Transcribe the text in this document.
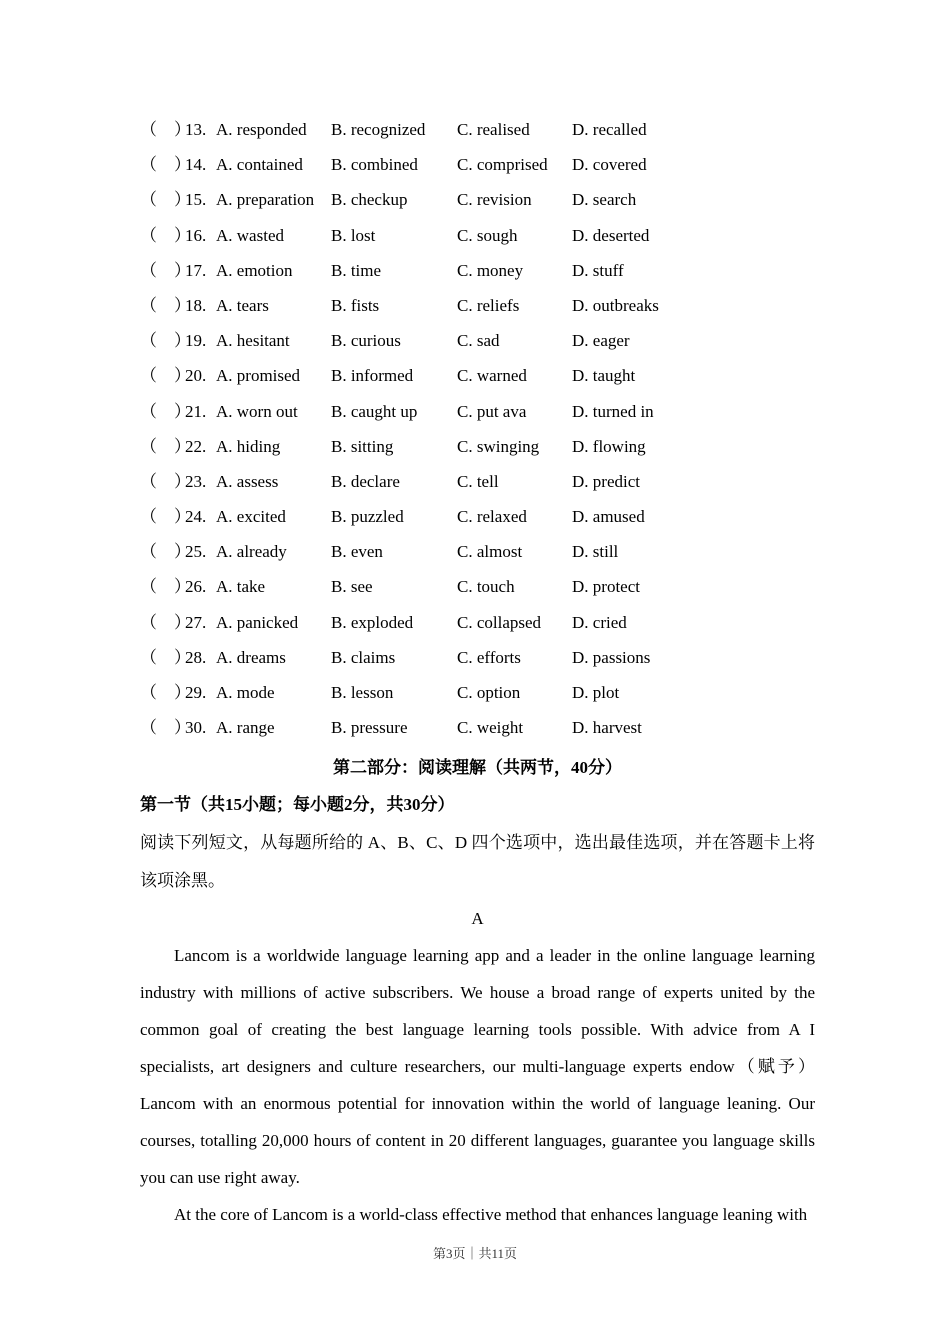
（　）
13. A. responded	B. recognized	C. realised	D. recalled
（　）
14. A. contained	B. combined	C. comprised	D. covered
（　）
15. A. preparation B. checkup	C. revision	D. search
（　）
16. A. wasted	B. lost	C. sough	D. deserted
（　）
17. A. emotion	B. time	C. money	D. stuff
（　）
18. A. tears	B. fists	C. reliefs	D. outbreaks
（　）
19. A. hesitant	B. curious	C. sad	D. eager
（　）
20. A. promised	B. informed	C. warned	D. taught
（　）
21. A. worn out	B. caught up	C. put ava	D. turned in
（　）
22. A. hiding	B. sitting	C. swinging	D. flowing
（　）
23. A. assess	B. declare	C. tell	D. predict
（　）
24. A. excited	B. puzzled	C. relaxed	D. amused
（　）
25. A. already	B. even	C. almost	D. still
（　）
26. A. take	B. see	C. touch	D. protect
（　）
27. A. panicked	B. exploded	C. collapsed	D. cried
（　）
28. A. dreams	B. claims	C. efforts	D. passions
（　）
29. A. mode	B. lesson	C. option	D. plot
（　）
30. A. range	B. pressure	C. weight	D. harvest
第二部分：阅读理解（共两节，40分）
第一节（共15小题；每小题2分，共30分）
阅读下列短文，从每题所给的 A、B、C、D 四个选项中，选出最佳选项，并在答题卡上将该项涂黑。
A

Lancom is a worldwide language learning app and a leader in the online language learning industry with millions of active subscribers. We house a broad range of experts united by the common goal of creating the best language learning tools possible. With advice from A I specialists, art designers and culture researchers, our multi-language experts endow（赋予）Lancom with an enormous potential for innovation within the world of language leaning. Our courses, totalling 20,000 hours of content in 20 different languages, guarantee you language skills you can use right away.

At the core of Lancom is a world-class effective method that enhances language leaning with

第3页｜共11页
